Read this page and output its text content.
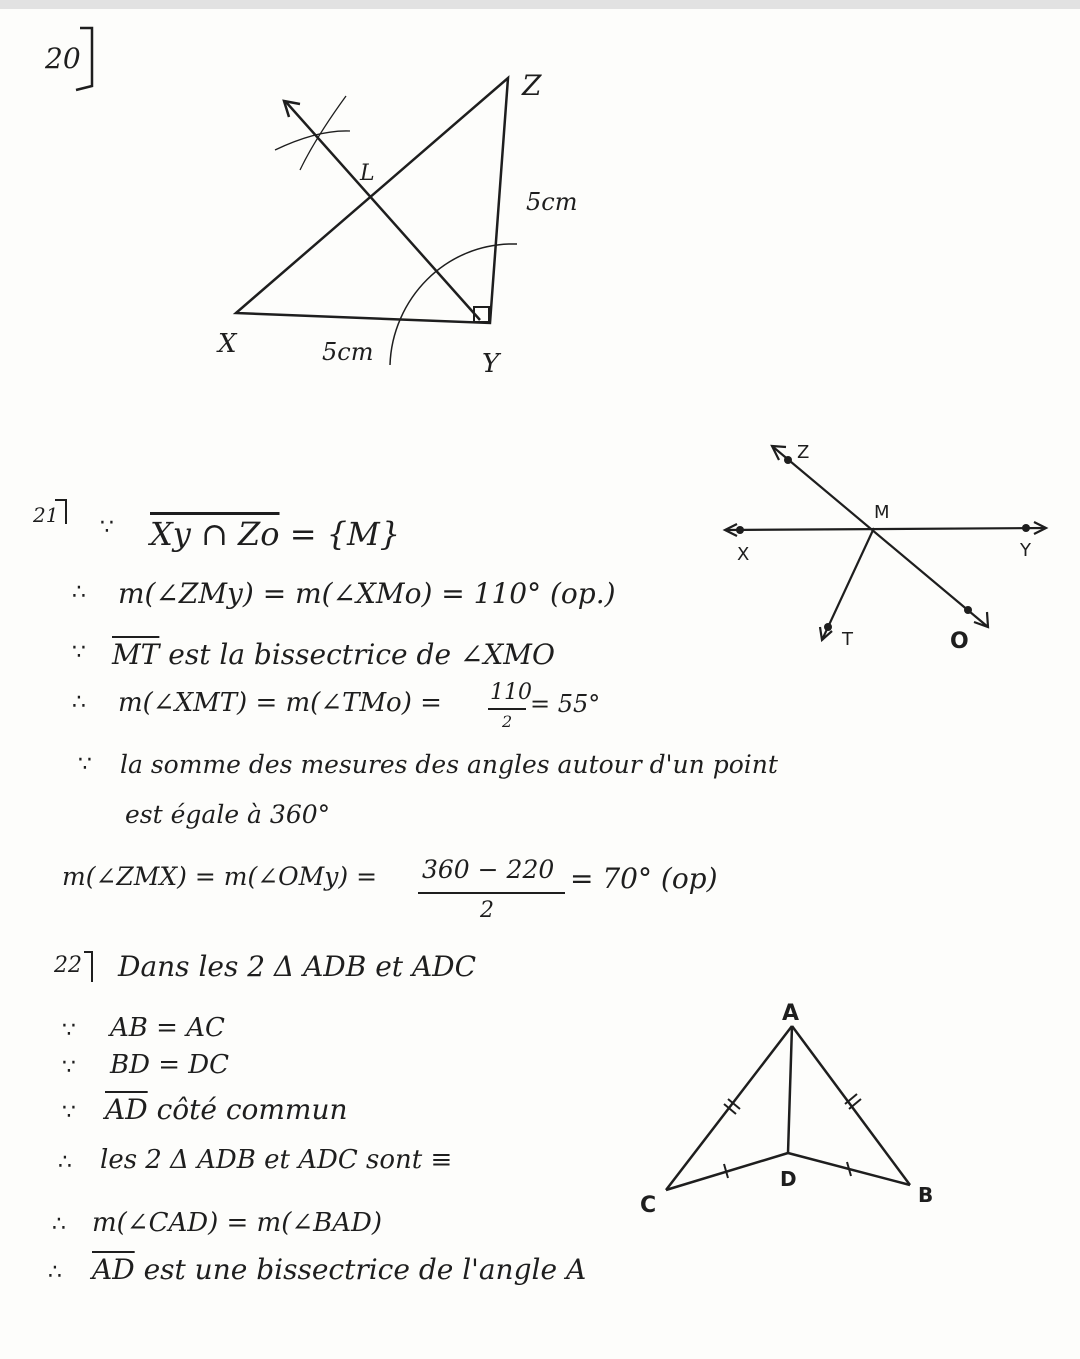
20
X
Y
Z
L
5cm
5cm
Z
M
X	Y
T	O
A
C
D
B
21 ∵ Xy ∩ Zo = {M}
∴ m(∠ZMy) = m(∠XMo) = 110° (op.)
∵ $\overline{MT}$ est la bissectrice de ∠XMO
∴ m(∠XMT) = m(∠TMo) = 110
2
= 55°
∵ la somme des mesures des angles autour d'un point
est égale à 360°
m(∠ZMX) = m(∠OMy) = 360 − 220
2
= 70° (op)
22 Dans les 2 Δ ADB et ADC
∵ AB = AC
∵ BD = DC
∵ $\overline{AD}$ côté commun
∴ les 2 Δ ADB et ADC sont ≡
∴ m(∠CAD) = m(∠BAD)
∴ $\overline{AD}$ est une bissectrice de l'angle A
